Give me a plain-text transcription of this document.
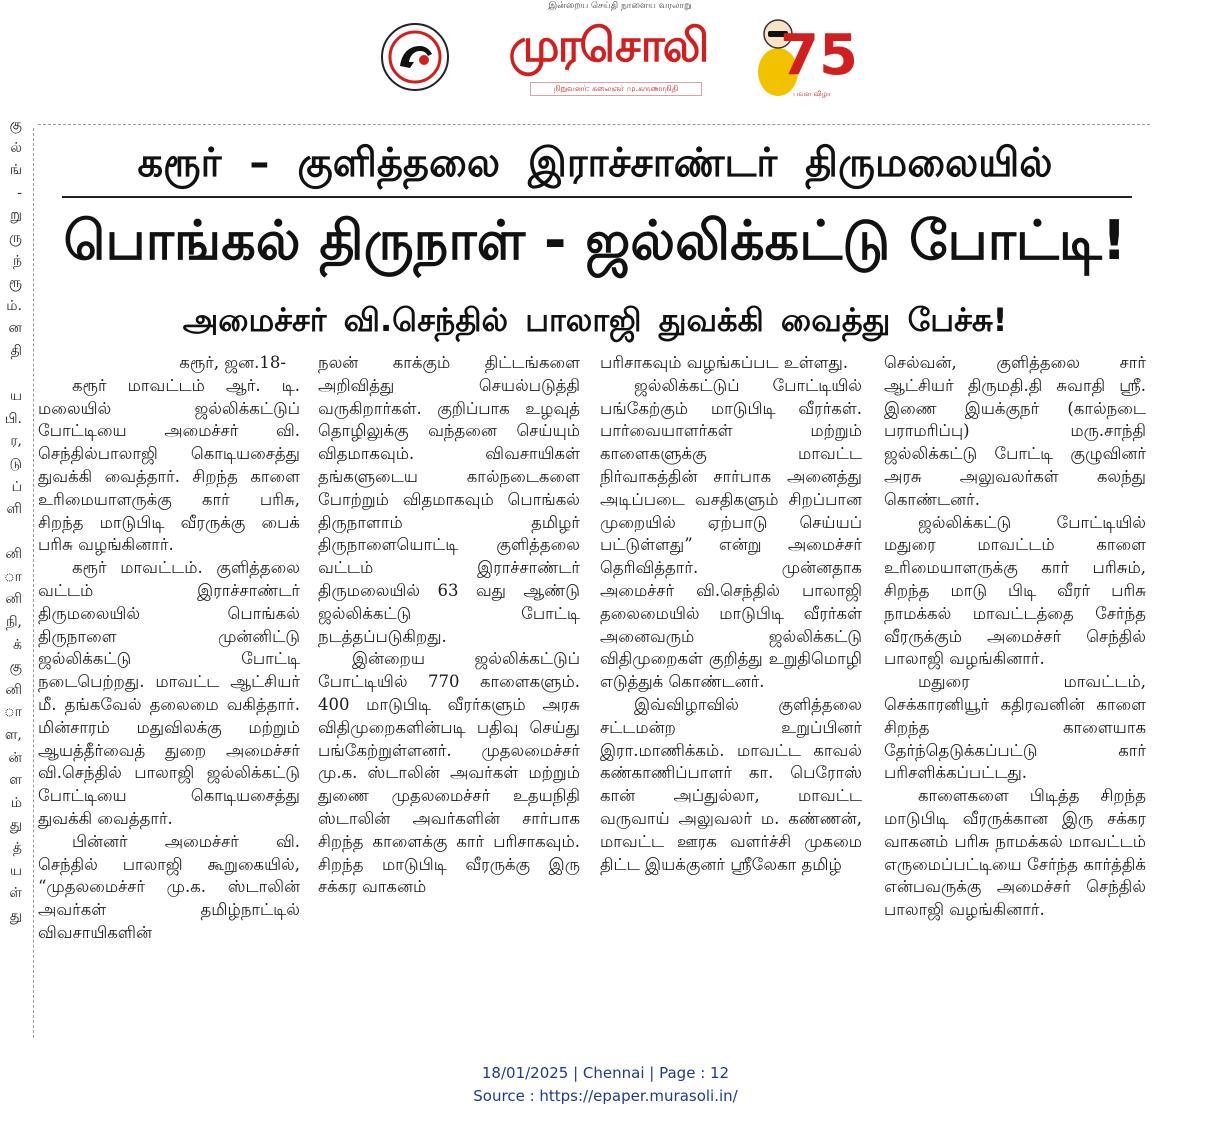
இன்றைய செய்தி நாளைய வரலாறு
முரசொலி
நிறுவனர்: கலைஞர் மு.கருணாநிதி
75
பவள விழா
கு
ல்
ங்
-
று
ரு
ந்
ரூ
ம்.
ன
தி
ய
பி.
ர,
டு
ப்
ளி
னி
ா
னி
நி,
க்
கு
னி
ா
ள,
ன்
ள
ம்
து
த்
ய
ள்
து
கரூர் – குளித்தலை இராச்சாண்டர் திருமலையில்
பொங்கல் திருநாள் - ஜல்லிக்கட்டு போட்டி!
அமைச்சர் வி.செந்தில் பாலாஜி துவக்கி வைத்து பேச்சு!

கரூர், ஜன.18-

கரூர் மாவட்டம் ஆர். டி. மலையில் ஜல்லிக்கட்டுப் போட்டியை அமைச்சர் வி. செந்தில்பாலாஜி கொடியசைத்து துவக்கி வைத்தார். சிறந்த காளை உரிமையாளருக்கு கார் பரிசு, சிறந்த மாடுபிடி வீரருக்கு பைக் பரிசு வழங்கினார்.

கரூர் மாவட்டம். குளித்தலை வட்டம் இராச்சாண்டர் திருமலையில் பொங்கல் திருநாளை முன்னிட்டு ஜல்லிக்கட்டு போட்டி நடைபெற்றது. மாவட்ட ஆட்சியர் மீ. தங்கவேல் தலைமை வகித்தார். மின்சாரம் மதுவிலக்கு மற்றும் ஆயத்தீர்வைத் துறை அமைச்சர் வி.செந்தில் பாலாஜி ஜல்லிக்கட்டு போட்டியை கொடியசைத்து துவக்கி வைத்தார்.

பின்னர் அமைச்சர் வி. செந்தில் பாலாஜி கூறுகையில், “முதலமைச்சர் மு.க. ஸ்டாலின் அவர்கள் தமிழ்நாட்டில் விவசாயிகளின்

நலன் காக்கும் திட்டங்களை அறிவித்து செயல்படுத்தி வருகிறார்கள். குறிப்பாக உழவுத் தொழிலுக்கு வந்தனை செய்யும் விதமாகவும். விவசாயிகள் தங்களுடைய கால்நடைகளை போற்றும் விதமாகவும் பொங்கல் திருநாளாம் தமிழர் திருநாளையொட்டி குளித்தலை வட்டம் இராச்சாண்டர் திருமலையில் 63 வது ஆண்டு ஜல்லிக்கட்டு போட்டி நடத்தப்படுகிறது.

இன்றைய ஜல்லிக்கட்டுப் போட்டியில் 770 காளைகளும். 400 மாடுபிடி வீரர்களும் அரசு விதிமுறைகளின்படி பதிவு செய்து பங்கேற்றுள்ளனர். முதலமைச்சர் மு.க. ஸ்டாலின் அவர்கள் மற்றும் துணை முதலமைச்சர் உதயநிதி ஸ்டாலின் அவர்களின் சார்பாக சிறந்த காளைக்கு கார் பரிசாகவும். சிறந்த மாடுபிடி வீரருக்கு இரு சக்கர வாகனம்

பரிசாகவும் வழங்கப்பட உள்ளது.

ஜல்லிக்கட்டுப் போட்டியில் பங்கேற்கும் மாடுபிடி வீரர்கள். பார்வையாளர்கள் மற்றும் காளைகளுக்கு மாவட்ட நிர்வாகத்தின் சார்பாக அனைத்து அடிப்படை வசதிகளும் சிறப்பான முறையில் ஏற்பாடு செய்யப் பட்டுள்ளது” என்று அமைச்சர் தெரிவித்தார். முன்னதாக அமைச்சர் வி.செந்தில் பாலாஜி தலைமையில் மாடுபிடி வீரர்கள் அனைவரும் ஜல்லிக்கட்டு விதிமுறைகள் குறித்து உறுதிமொழி எடுத்துக் கொண்டனர்.

இவ்விழாவில் குளித்தலை சட்டமன்ற உறுப்பினர் இரா.மாணிக்கம். மாவட்ட காவல் கண்காணிப்பாளர் கா. பெரோஸ் கான் அப்துல்லா, மாவட்ட வருவாய் அலுவலர் ம. கண்ணன், மாவட்ட ஊரக வளர்ச்சி முகமை திட்ட இயக்குனர் ஸ்ரீலேகா தமிழ்

செல்வன், குளித்தலை சார் ஆட்சியர் திருமதி.தி சுவாதி ஸ்ரீ. இணை இயக்குநர் (கால்நடை பராமரிப்பு) மரு.சாந்தி ஜல்லிக்கட்டு போட்டி குழுவினர் அரசு அலுவலர்கள் கலந்து கொண்டனர்.

ஜல்லிக்கட்டு போட்டியில் மதுரை மாவட்டம் காளை உரிமையாளருக்கு கார் பரிசும், சிறந்த மாடு பிடி வீரர் பரிசு நாமக்கல் மாவட்டத்தை சேர்ந்த வீரருக்கும் அமைச்சர் செந்தில் பாலாஜி வழங்கினார்.

மதுரை மாவட்டம், செக்காரனியூர் கதிரவனின் காளை சிறந்த காளையாக தேர்ந்தெடுக்கப்பட்டு கார் பரிசளிக்கப்பட்டது.

காளைகளை பிடித்த சிறந்த மாடுபிடி வீரருக்கான இரு சக்கர வாகனம் பரிசு நாமக்கல் மாவட்டம் எருமைப்பட்டியை சேர்ந்த கார்த்திக் என்பவருக்கு அமைச்சர் செந்தில் பாலாஜி வழங்கினார்.

18/01/2025 | Chennai | Page : 12
Source : https://epaper.murasoli.in/
